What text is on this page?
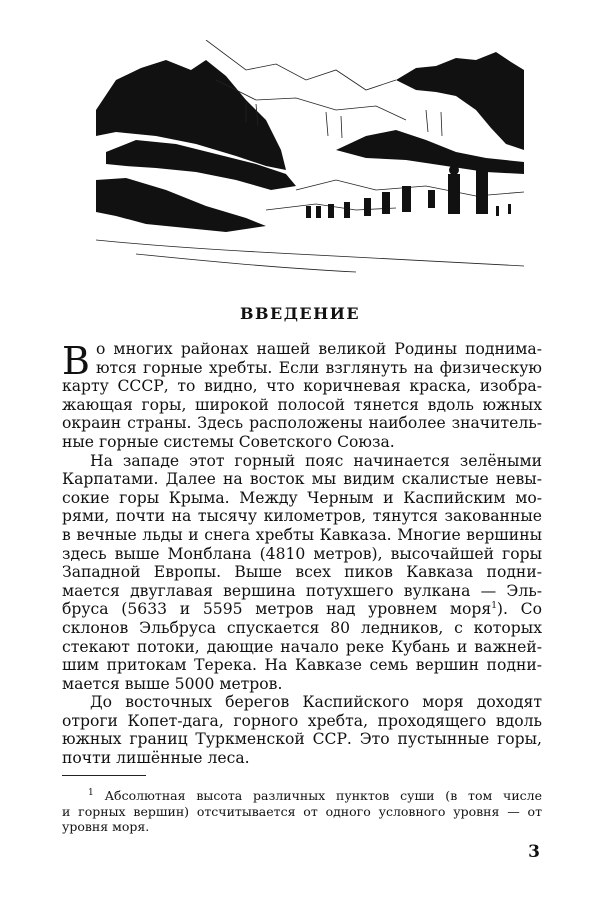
ВВЕДЕНИЕ

В о многих районах нашей великой Родины поднима-
ются горные хребты. Если взглянуть на физическую
карту СССР, то видно, что коричневая краска, изобра-
жающая горы, широкой полосой тянется вдоль южных
окраин страны. Здесь расположены наиболее значитель-
ные горные системы Советского Союза.

На западе этот горный пояс начинается зелёными
Карпатами. Далее на восток мы видим скалистые невы-
сокие горы Крыма. Между Черным и Каспийским мо-
рями, почти на тысячу километров, тянутся закованные
в вечные льды и снега хребты Кавказа. Многие вершины
здесь выше Монблана (4810 метров), высочайшей горы
Западной Европы. Выше всех пиков Кавказа подни-
мается двуглавая вершина потухшего вулкана — Эль-
бруса (5633 и 5595 метров над уровнем моря$^1$). Со
склонов Эльбруса спускается 80 ледников, с которых
стекают потоки, дающие начало реке Кубань и важней-
шим притокам Терека. На Кавказе семь вершин подни-
мается выше 5000 метров.

До восточных берегов Каспийского моря доходят
отроги Копет-дага, горного хребта, проходящего вдоль
южных границ Туркменской ССР. Это пустынные горы,
почти лишённые леса.

$^1$ Абсолютная высота различных пунктов суши (в том числе
и горных вершин) отсчитывается от одного условного уровня — от
уровня моря.
3
